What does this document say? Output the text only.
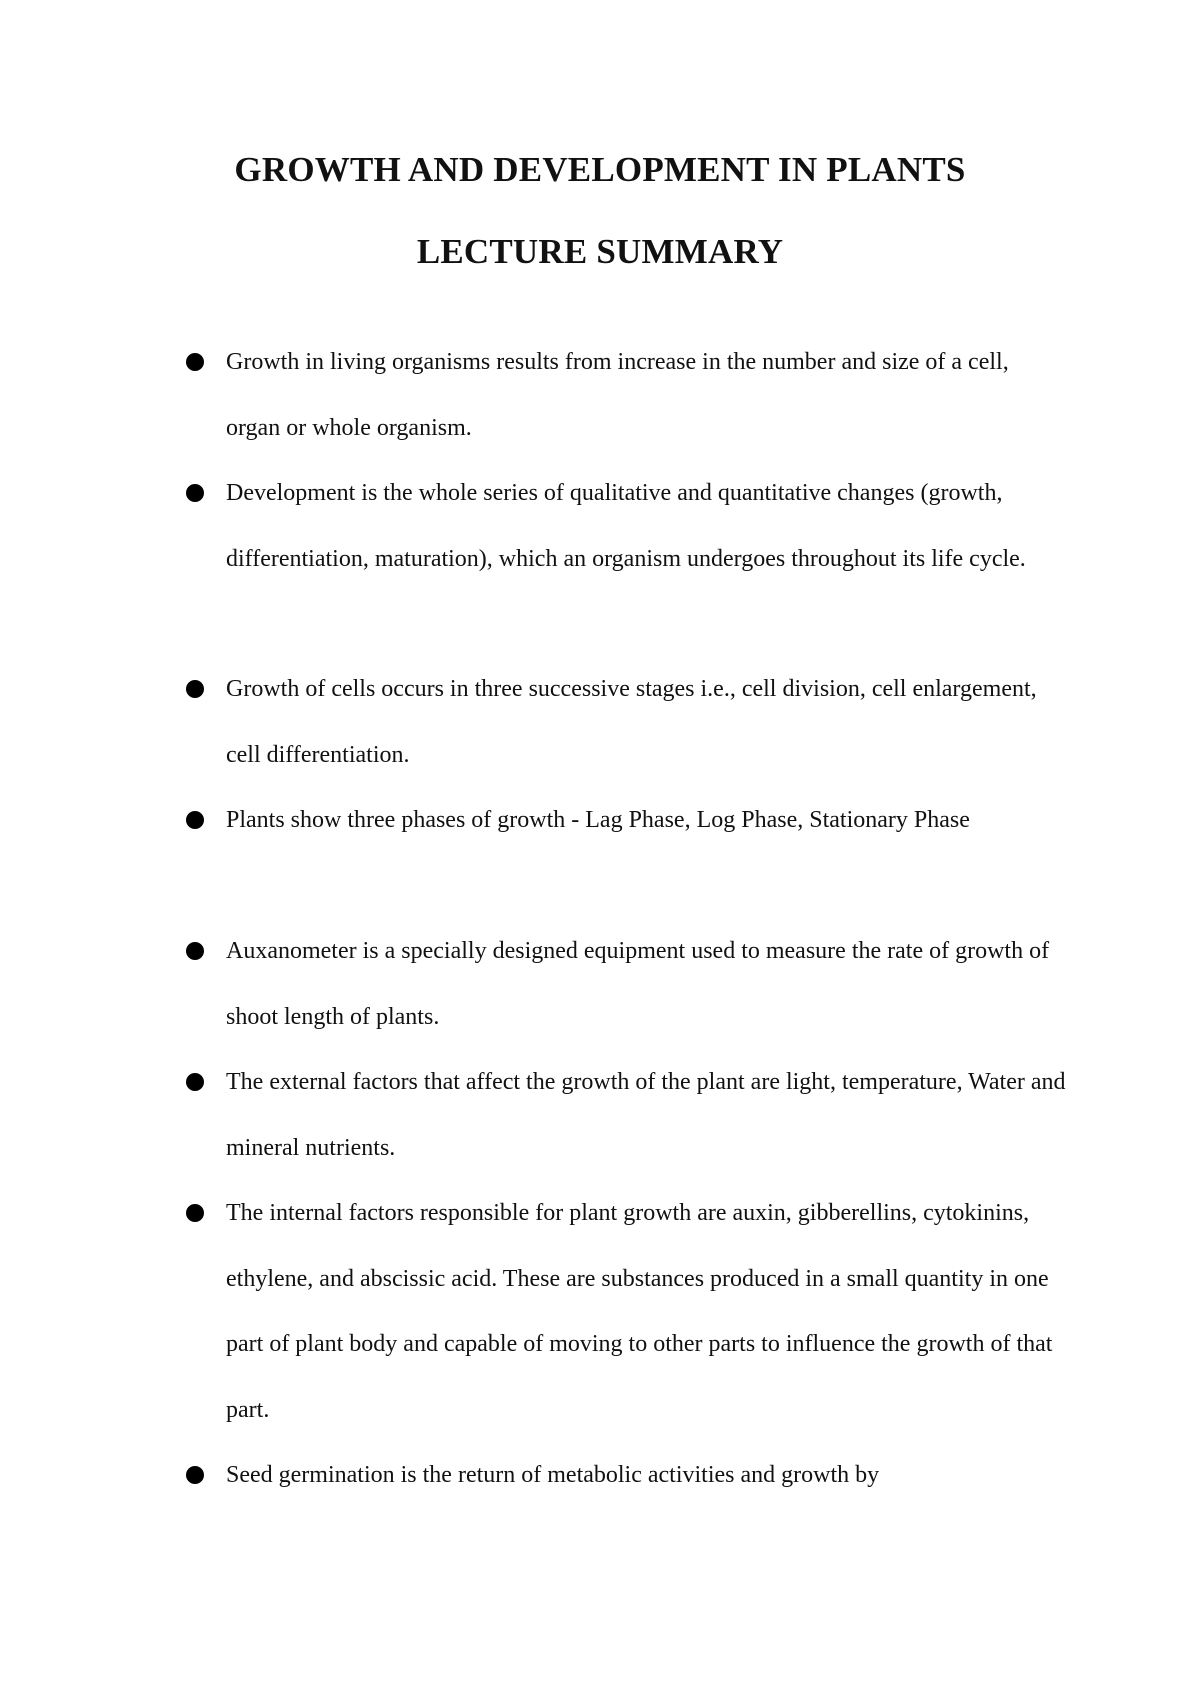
GROWTH AND DEVELOPMENT IN PLANTS
LECTURE SUMMARY

Growth in living organisms results from increase in the number and size of a cell, organ or whole organism.

Development is the whole series of qualitative and quantitative changes (growth, differentiation, maturation), which an organism undergoes throughout its life cycle.

Growth of cells occurs in three successive stages i.e., cell division, cell enlargement, cell differentiation.

Plants show three phases of growth - Lag Phase, Log Phase, Stationary Phase

Auxanometer is a specially designed equipment used to measure the rate of growth of shoot length of plants.

The external factors that affect the growth of the plant are light, temperature, Water and mineral nutrients.

The internal factors responsible for plant growth are auxin, gibberellins, cytokinins, ethylene, and abscissic acid. These are substances produced in a small quantity in one part of plant body and capable of moving to other parts to influence the growth of that part.

Seed germination is the return of metabolic activities and growth by
